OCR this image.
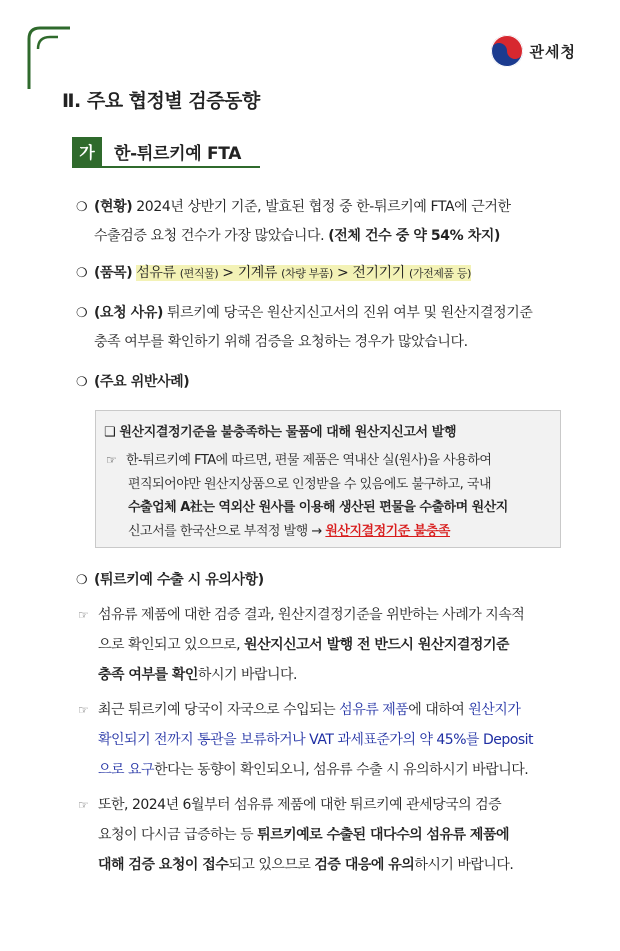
관세청
Ⅱ. 주요 협정별 검증동향
가	한-튀르키예 FTA
❍ (현황) 2024년 상반기 기준, 발효된 협정 중 한-튀르키예 FTA에 근거한
수출검증 요청 건수가 가장 많았습니다. (전체 건수 중 약 54% 차지)
❍ (품목) 섬유류 (편직물) > 기계류 (차량 부품) > 전기기기 (가전제품 등)
❍ (요청 사유) 튀르키예 당국은 원산지신고서의 진위 여부 및 원산지결정기준
충족 여부를 확인하기 위해 검증을 요청하는 경우가 많았습니다.
❍ (주요 위반사례)
❑ 원산지결정기준을 불충족하는 물품에 대해 원산지신고서 발행
☞ 한-튀르키예 FTA에 따르면, 편물 제품은 역내산 실(원사)을 사용하여
편직되어야만 원산지상품으로 인정받을 수 있음에도 불구하고, 국내
수출업체 A社는 역외산 원사를 이용해 생산된 편물을 수출하며 원산지
신고서를 한국산으로 부적정 발행 → 원산지결정기준 불충족
❍ (튀르키예 수출 시 유의사항)
☞ 섬유류 제품에 대한 검증 결과, 원산지결정기준을 위반하는 사례가 지속적
으로 확인되고 있으므로, 원산지신고서 발행 전 반드시 원산지결정기준
충족 여부를 확인하시기 바랍니다.
☞ 최근 튀르키예 당국이 자국으로 수입되는 섬유류 제품에 대하여 원산지가
확인되기 전까지 통관을 보류하거나 VAT 과세표준가의 약 45%를 Deposit
으로 요구한다는 동향이 확인되오니, 섬유류 수출 시 유의하시기 바랍니다.
☞ 또한, 2024년 6월부터 섬유류 제품에 대한 튀르키예 관세당국의 검증
요청이 다시금 급증하는 등 튀르키예로 수출된 대다수의 섬유류 제품에
대해 검증 요청이 접수되고 있으므로 검증 대응에 유의하시기 바랍니다.
